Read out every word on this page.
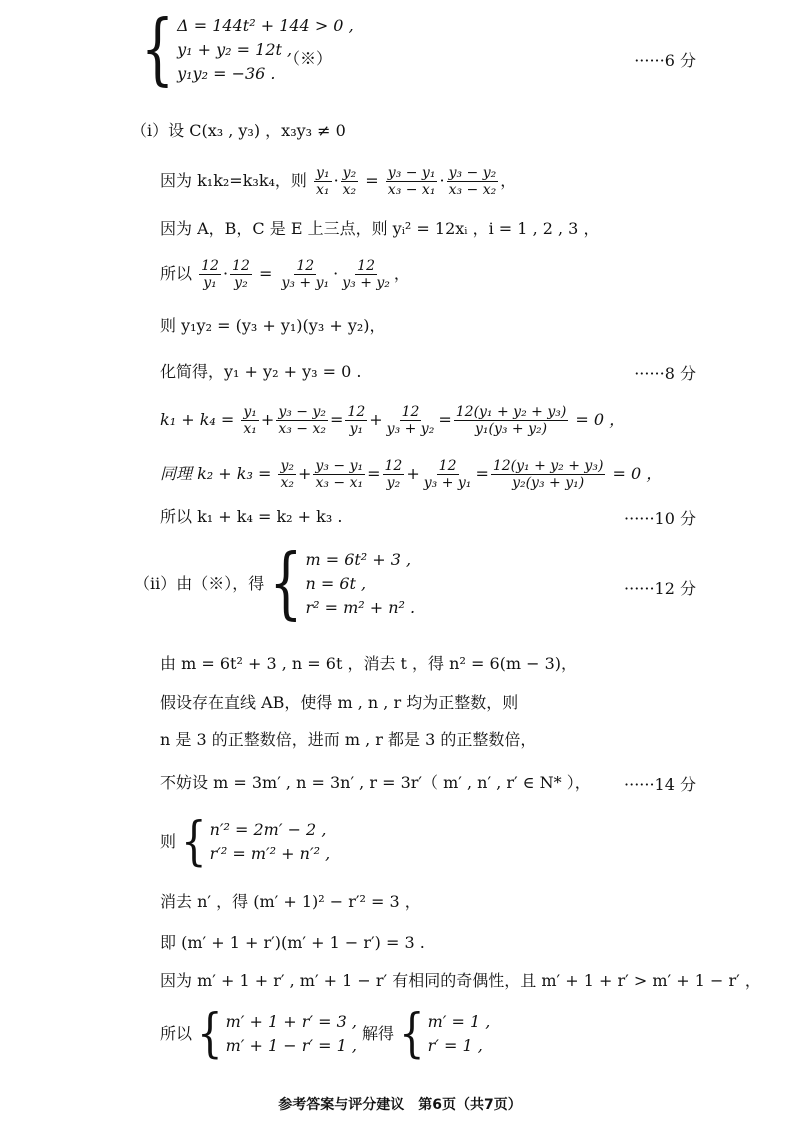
{ Δ = 144t² + 144 > 0 ,
y₁ + y₂ = 12t ,
y₁y₂ = −36 .
（※）	······6 分
（i）设 C(x₃ , y₃) ，x₃y₃ ≠ 0
因为 k₁k₂=k₃k₄，则 $\frac{\text{y₁}}{\text{x₁}} \cdot \frac{\text{y₂}}{\text{x₂}} = \frac{\text{y₃ − y₁}}{\text{x₃ − x₁}} \cdot \frac{\text{y₃ − y₂}}{\text{x₃ − x₂}}$ ，
因为 A，B，C 是 E 上三点，则 yᵢ² = 12xᵢ ，i = 1 , 2 , 3 ，
所以 $\frac{12}{\text{y₁}} \cdot \frac{12}{\text{y₂}} = \frac{12}{\text{y₃ + y₁}} \cdot \frac{12}{\text{y₃ + y₂}}$ ，
则 y₁y₂ = (y₃ + y₁)(y₃ + y₂)，
化简得，y₁ + y₂ + y₃ = 0 .	······8 分
$k_1 + k_4 = \frac{\text{y₁}}{\text{x₁}} + \frac{\text{y₃ − y₂}}{\text{x₃ − x₂}} = \frac{12}{\text{y₁}} + \frac{12}{\text{y₃ + y₂}} = \frac{\text{12(y₁ + y₂ + y₃)}}{\text{y₁(y₃ + y₂)}} = 0$ ，
同理 $k_2 + k_3 = \frac{\text{y₂}}{\text{x₂}} + \frac{\text{y₃ − y₁}}{\text{x₃ − x₁}} = \frac{12}{\text{y₂}} + \frac{12}{\text{y₃ + y₁}} = \frac{\text{12(y₁ + y₂ + y₃)}}{\text{y₂(y₃ + y₁)}} = 0$ ，
所以 k₁ + k₄ = k₂ + k₃ .	······10 分
（ii）由（※），得 { m = 6t² + 3 ,
n = 6t ,
r² = m² + n² .
······12 分
由 m = 6t² + 3 , n = 6t ，消去 t ，得 n² = 6(m − 3)，
假设存在直线 AB，使得 m , n , r 均为正整数，则
n 是 3 的正整数倍，进而 m , r 都是 3 的正整数倍，
不妨设 m = 3m′ , n = 3n′ , r = 3r′（ m′ , n′ , r′ ∈ N* ）， ······14 分
则 { n′² = 2m′ − 2 ,
r′² = m′² + n′² ,
消去 n′ ，得 (m′ + 1)² − r′² = 3 ，
即 (m′ + 1 + r′)(m′ + 1 − r′) = 3 .
因为 m′ + 1 + r′ , m′ + 1 − r′ 有相同的奇偶性，且 m′ + 1 + r′ > m′ + 1 − r′ ，
所以 { m′ + 1 + r′ = 3 ,
m′ + 1 − r′ = 1 ,
解得 { m′ = 1 ,
r′ = 1 ,
参考答案与评分建议　第6页（共7页）
